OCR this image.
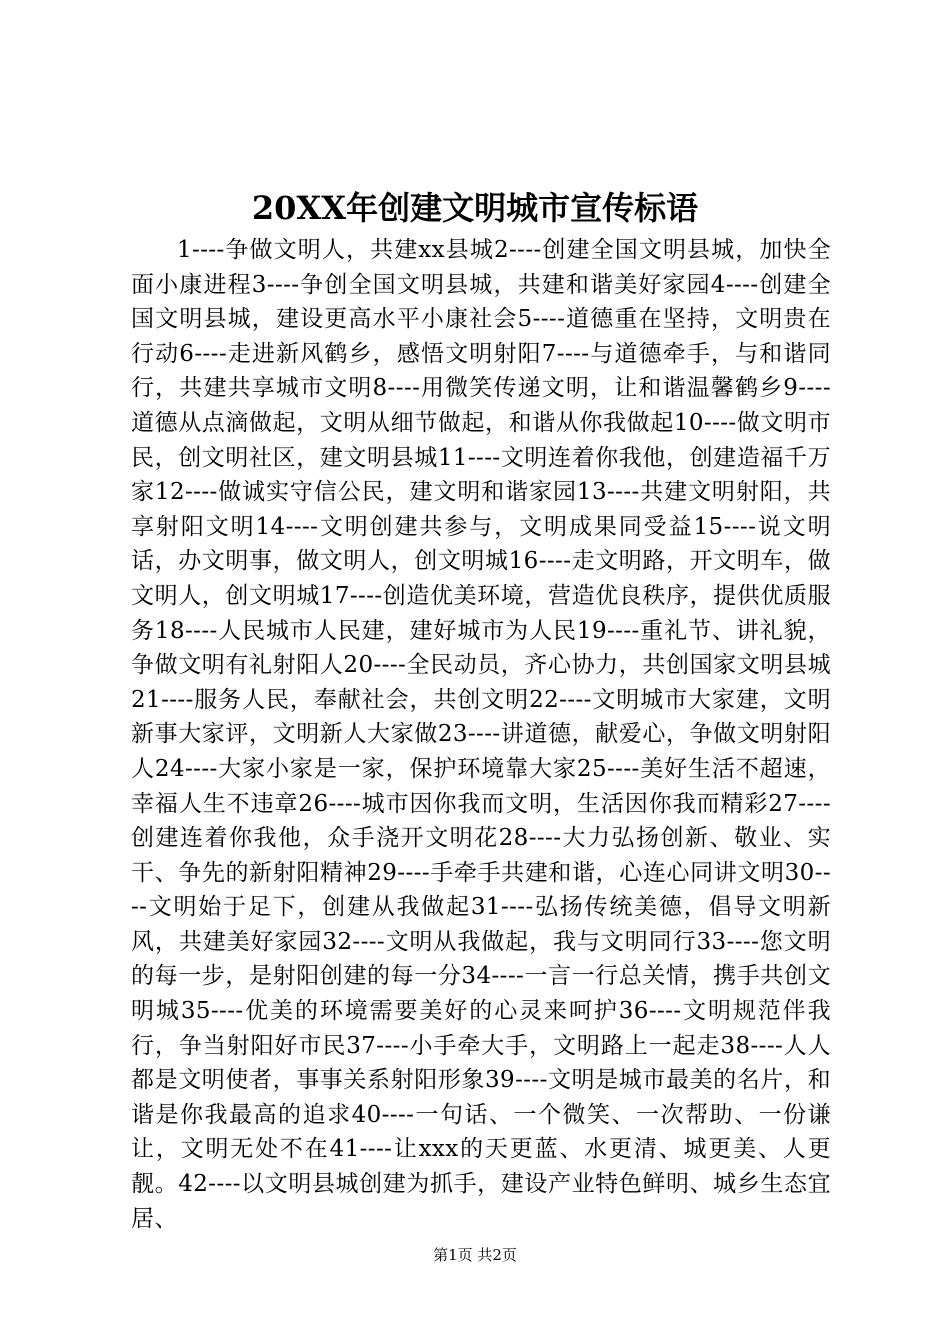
20XX年创建文明城市宣传标语

1----争做文明人，共建xx县城2----创建全国文明县城，加快全面小康进程3----争创全国文明县城，共建和谐美好家园4----创建全国文明县城，建设更高水平小康社会5----道德重在坚持，文明贵在行动6----走进新风鹤乡，感悟文明射阳7----与道德牵手，与和谐同行，共建共享城市文明8----用微笑传递文明，让和谐温馨鹤乡9----道德从点滴做起，文明从细节做起，和谐从你我做起10----做文明市民，创文明社区，建文明县城11----文明连着你我他，创建造福千万家12----做诚实守信公民，建文明和谐家园13----共建文明射阳，共享射阳文明14----文明创建共参与，文明成果同受益15----说文明话，办文明事，做文明人，创文明城16----走文明路，开文明车，做文明人，创文明城17----创造优美环境，营造优良秩序，提供优质服务18----人民城市人民建，建好城市为人民19----重礼节、讲礼貌，争做文明有礼射阳人20----全民动员，齐心协力，共创国家文明县城21----服务人民，奉献社会，共创文明22----文明城市大家建，文明新事大家评，文明新人大家做23----讲道德，献爱心，争做文明射阳人24----大家小家是一家，保护环境靠大家25----美好生活不超速，幸福人生不违章26----城市因你我而文明，生活因你我而精彩27----创建连着你我他，众手浇开文明花28----大力弘扬创新、敬业、实干、争先的新射阳精神29----手牵手共建和谐，心连心同讲文明30----文明始于足下，创建从我做起31----弘扬传统美德，倡导文明新风，共建美好家园32----文明从我做起，我与文明同行33----您文明的每一步，是射阳创建的每一分34----一言一行总关情，携手共创文明城35----优美的环境需要美好的心灵来呵护36----文明规范伴我行，争当射阳好市民37----小手牵大手，文明路上一起走38----人人都是文明使者，事事关系射阳形象39----文明是城市最美的名片，和谐是你我最高的追求40----一句话、一个微笑、一次帮助、一份谦让，文明无处不在41----让xxx的天更蓝、水更清、城更美、人更靓。42----以文明县城创建为抓手，建设产业特色鲜明、城乡生态宜居、

第1页 共2页
